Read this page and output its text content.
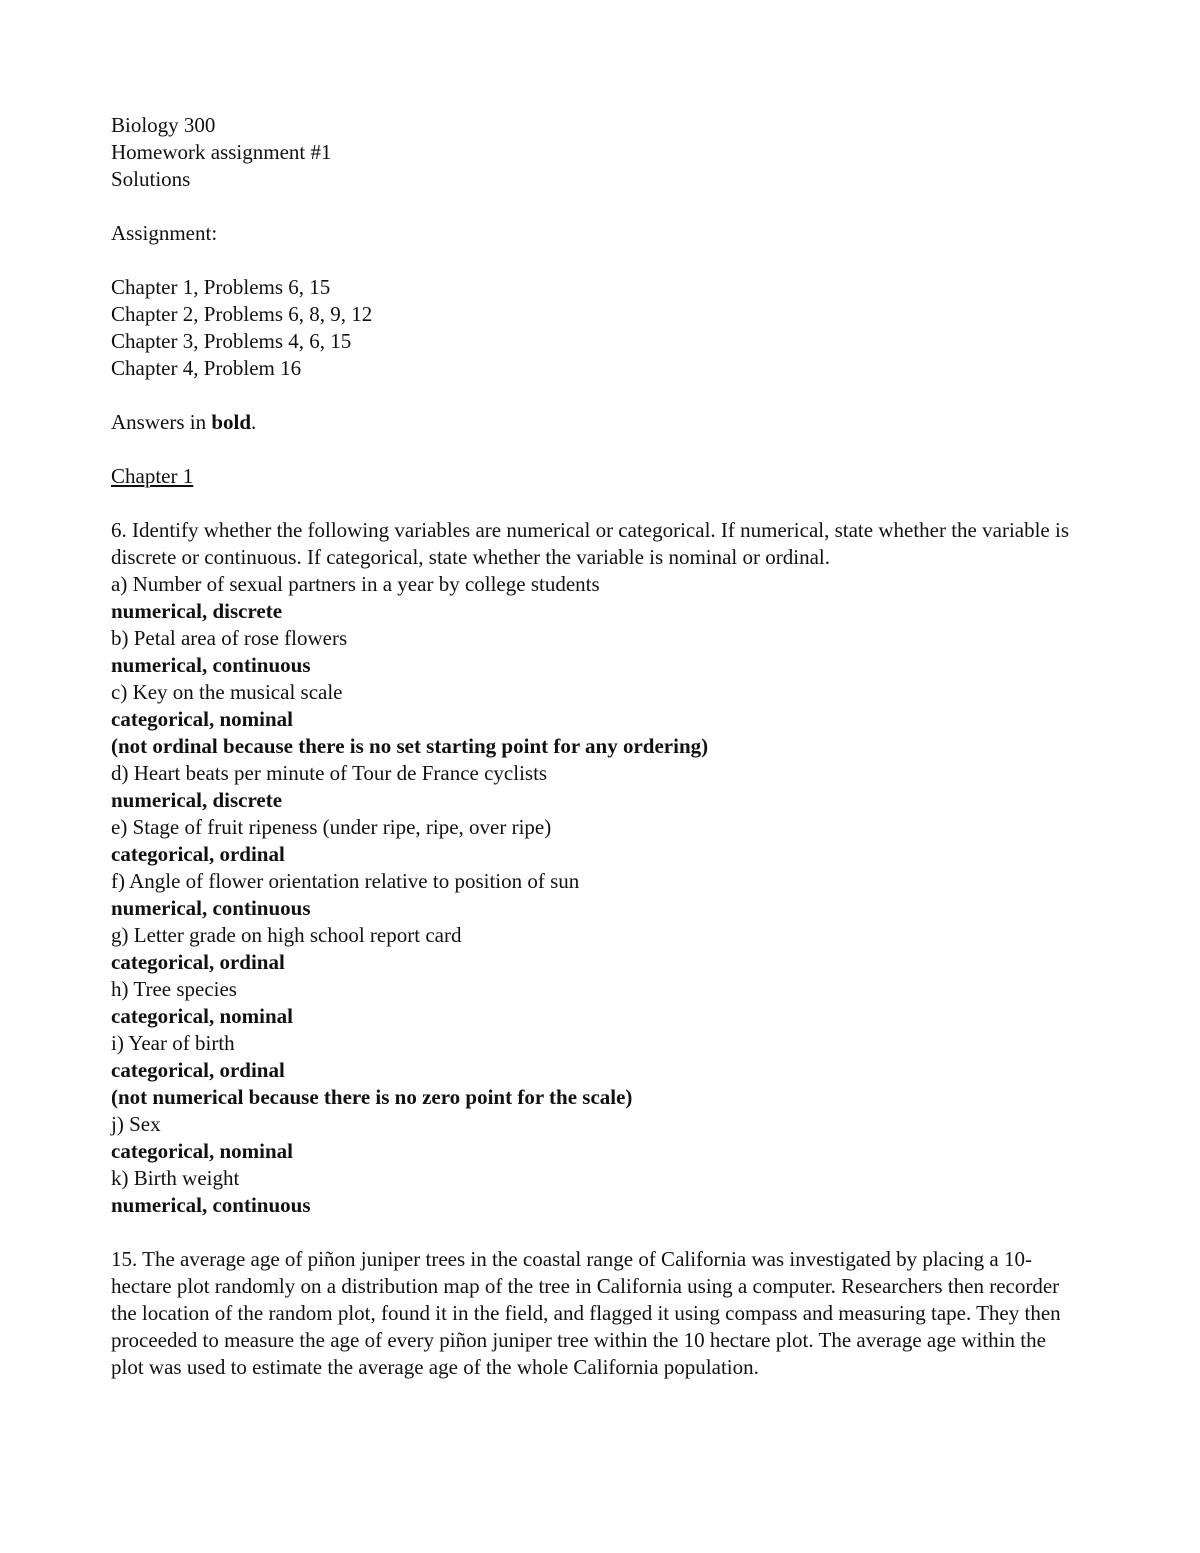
Biology 300
Homework assignment #1
Solutions
Assignment:
Chapter 1, Problems 6, 15
Chapter 2, Problems 6, 8, 9, 12
Chapter 3, Problems 4, 6, 15
Chapter 4, Problem 16
Answers in bold.
Chapter 1
6. Identify whether the following variables are numerical or categorical. If numerical, state whether the variable is discrete or continuous. If categorical, state whether the variable is nominal or ordinal.
a) Number of sexual partners in a year by college students
numerical, discrete
b) Petal area of rose flowers
numerical, continuous
c) Key on the musical scale
categorical, nominal
(not ordinal because there is no set starting point for any ordering)
d) Heart beats per minute of Tour de France cyclists
numerical, discrete
e) Stage of fruit ripeness (under ripe, ripe, over ripe)
categorical, ordinal
f) Angle of flower orientation relative to position of sun
numerical, continuous
g) Letter grade on high school report card
categorical, ordinal
h) Tree species
categorical, nominal
i) Year of birth
categorical, ordinal
(not numerical because there is no zero point for the scale)
j) Sex
categorical, nominal
k) Birth weight
numerical, continuous
15. The average age of piñon juniper trees in the coastal range of California was investigated by placing a 10-hectare plot randomly on a distribution map of the tree in California using a computer. Researchers then recorder the location of the random plot, found it in the field, and flagged it using compass and measuring tape. They then proceeded to measure the age of every piñon juniper tree within the 10 hectare plot. The average age within the plot was used to estimate the average age of the whole California population.
